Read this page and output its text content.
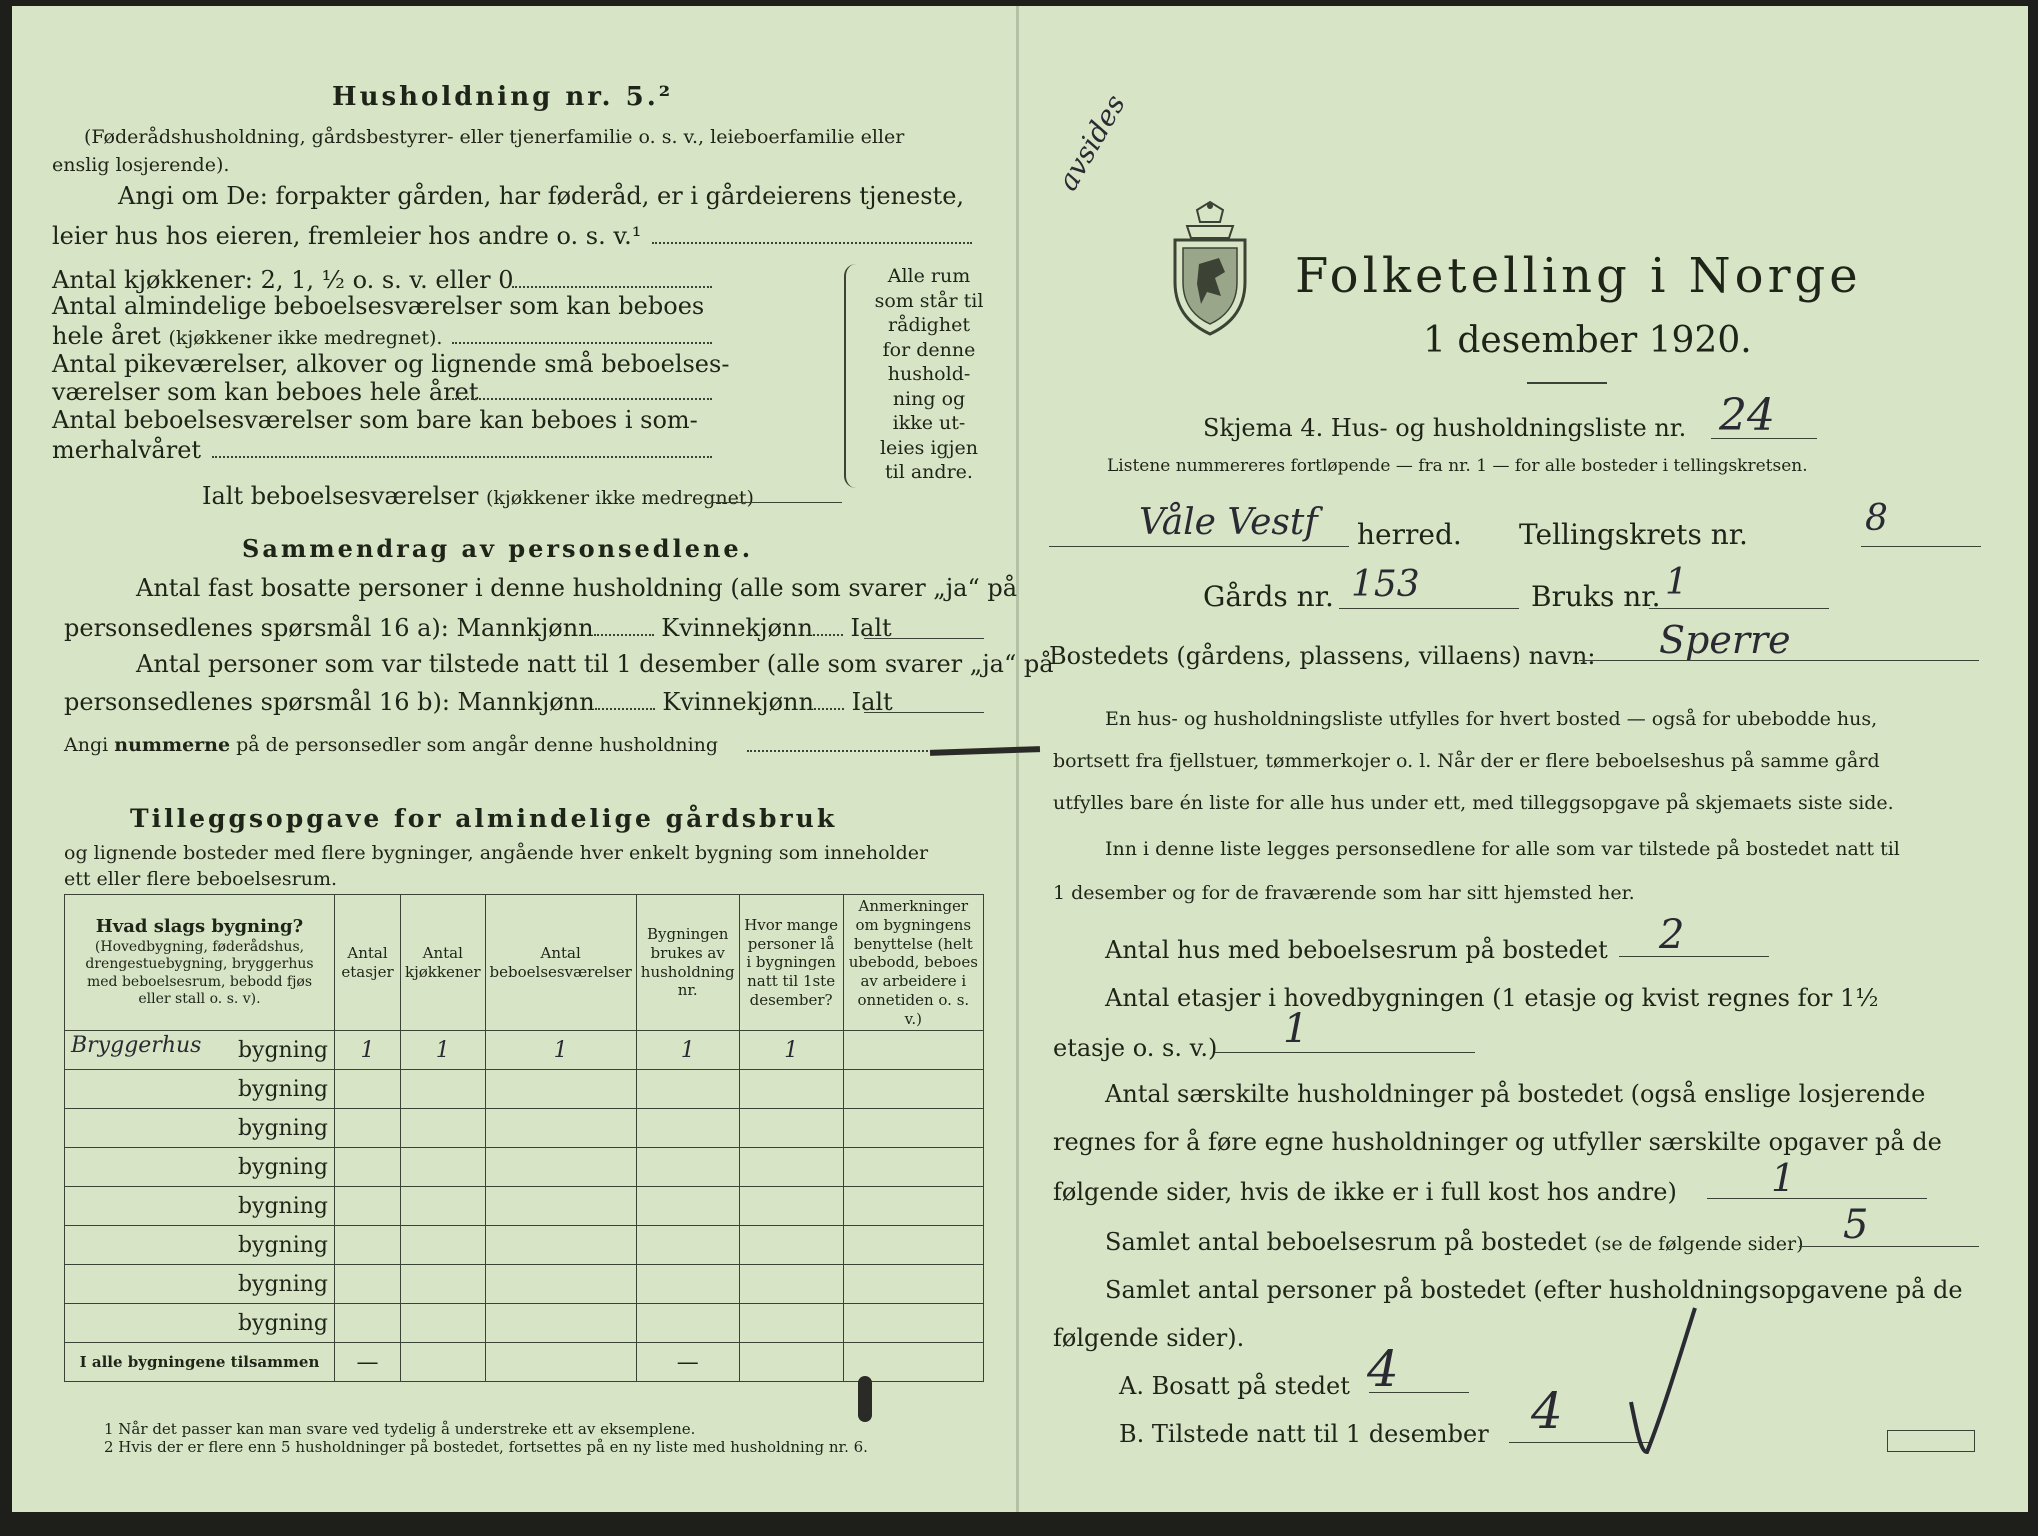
Husholdning nr. 5.²
(Føderådshusholdning, gårdsbestyrer- eller tjenerfamilie o. s. v., leieboerfamilie eller
enslig losjerende).
Angi om De: forpakter gården, har føderåd, er i gårdeierens tjeneste,
leier hus hos eieren, fremleier hos andre o. s. v.¹
Antal kjøkkener: 2, 1, ½ o. s. v. eller 0
Antal almindelige beboelsesværelser som kan beboes
hele året (kjøkkener ikke medregnet).
Antal pikeværelser, alkover og lignende små beboelses-
værelser som kan beboes hele året
Antal beboelsesværelser som bare kan beboes i som-
merhalvåret
Alle rum
som står til
rådighet
for denne
hushold-
ning og
ikke ut-
leies igjen
til andre.
Ialt beboelsesværelser (kjøkkener ikke medregnet)
Sammendrag av personsedlene.
Antal fast bosatte personer i denne husholdning (alle som svarer „ja“ på
personsedlenes spørsmål 16 a): Mannkjønn	Kvinnekjønn Ialt
Antal personer som var tilstede natt til 1 desember (alle som svarer „ja“ på
personsedlenes spørsmål 16 b): Mannkjønn	Kvinnekjønn Ialt
Angi nummerne på de personsedler som angår denne husholdning
Tilleggsopgave for almindelige gårdsbruk
og lignende bosteder med flere bygninger, angående hver enkelt bygning som inneholder
ett eller flere beboelsesrum.
Hvad slags bygning?
(Hovedbygning, føderådshus, drengestuebygning, bryggerhus med beboelsesrum, bebodd fjøs eller stall o. s. v).	Antal etasjer	Antal kjøkkener	Antal beboelsesværelser	Bygningen brukes av husholdning nr.	Hvor mange personer lå i bygningen natt til 1ste desember?	Anmerkninger om bygningens benyttelse (helt ubebodd, beboes av arbeidere i onnetiden o. s. v.)

Bryggerhus bygning	1	1	1	1	1	
bygning						
bygning						
bygning						
bygning						
bygning						
bygning						
bygning						
I alle bygningene tilsammen	—			—		
1 Når det passer kan man svare ved tydelig å understreke ett av eksemplene.
2 Hvis der er flere enn 5 husholdninger på bostedet, fortsettes på en ny liste med husholdning nr. 6.
avsides
Folketelling i Norge
1 desember 1920.
Skjema 4. Hus- og husholdningsliste nr. 24
Listene nummereres fortløpende — fra nr. 1 — for alle bosteder i tellingskretsen.
Våle Vestf herred. Tellingskrets nr.	8
Gårds nr. 153	Bruks nr. 1
Bostedets (gårdens, plassens, villaens) navn: Sperre
En hus- og husholdningsliste utfylles for hvert bosted — også for ubebodde hus,
bortsett fra fjellstuer, tømmerkojer o. l. Når der er flere beboelseshus på samme gård
utfylles bare én liste for alle hus under ett, med tilleggsopgave på skjemaets siste side.
Inn i denne liste legges personsedlene for alle som var tilstede på bostedet natt til
1 desember og for de fraværende som har sitt hjemsted her.
Antal hus med beboelsesrum på bostedet 2
Antal etasjer i hovedbygningen (1 etasje og kvist regnes for 1½
etasje o. s. v.) 1
Antal særskilte husholdninger på bostedet (også enslige losjerende
regnes for å føre egne husholdninger og utfyller særskilte opgaver på de
følgende sider, hvis de ikke er i full kost hos andre) 1
Samlet antal beboelsesrum på bostedet (se de følgende sider) 5
Samlet antal personer på bostedet (efter husholdningsopgavene på de
følgende sider).
A. Bosatt på stedet 4
B. Tilstede natt til 1 desember 4
